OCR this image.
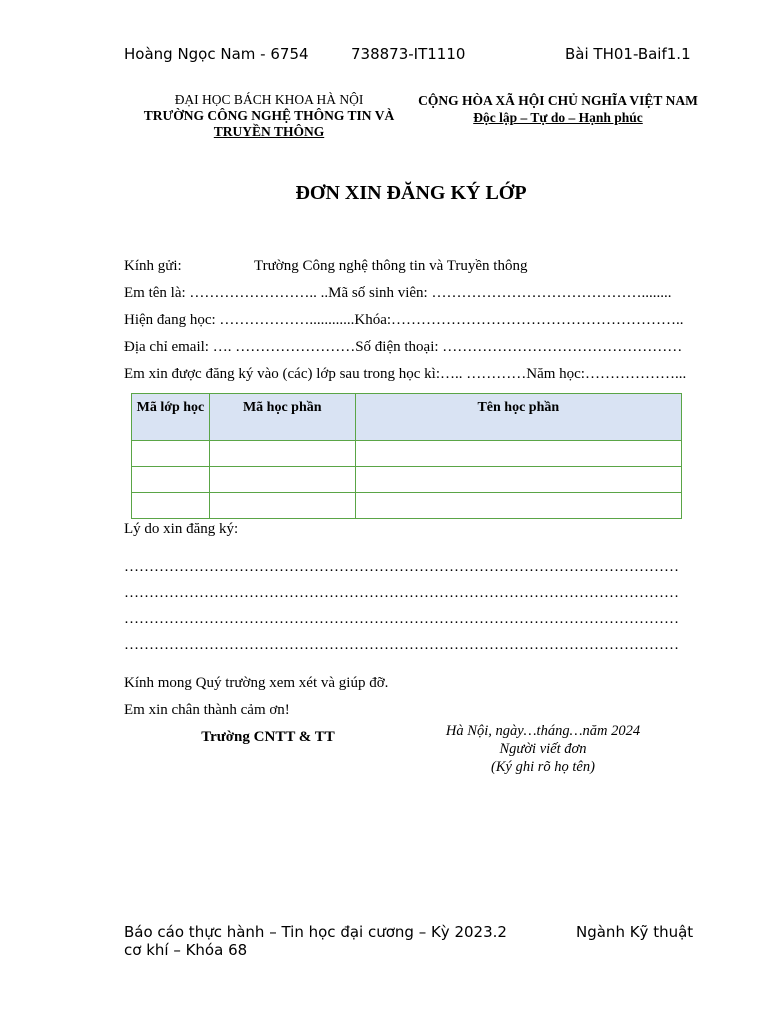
Hoàng Ngọc Nam - 6754	738873-IT1110	Bài TH01-Baif1.1
ĐẠI HỌC BÁCH KHOA HÀ NỘI
TRƯỜNG CÔNG NGHỆ THÔNG TIN VÀ
TRUYỀN THÔNG
CỘNG HÒA XÃ HỘI CHỦ NGHĨA VIỆT NAM
Độc lập – Tự do – Hạnh phúc
ĐƠN XIN ĐĂNG KÝ LỚP
Kính gửi:	Trường Công nghệ thông tin và Truyền thông
Em tên là: …………………….. ..Mã số sinh viên: ……………………………………........
Hiện đang học: ………………............Khóa:…………………………………………………..
Địa chỉ email: …. ……………………Số điện thoại: …………………………………………
Em xin được đăng ký vào (các) lớp sau trong học kì:….. …………Năm học:………………...
Mã lớp học	Mã học phần	Tên học phần

Lý do xin đăng ký:
…………………………………………………………………………………………………
…………………………………………………………………………………………………
…………………………………………………………………………………………………
…………………………………………………………………………………………………
Kính mong Quý trường xem xét và giúp đỡ.
Em xin chân thành cảm ơn!
Trường CNTT & TT	Hà Nội, ngày…tháng…năm 2024
Người viết đơn
(Ký ghi rõ họ tên)
Báo cáo thực hành – Tin học đại cương – Kỳ 2023.2	Ngành Kỹ thuật
cơ khí – Khóa 68
